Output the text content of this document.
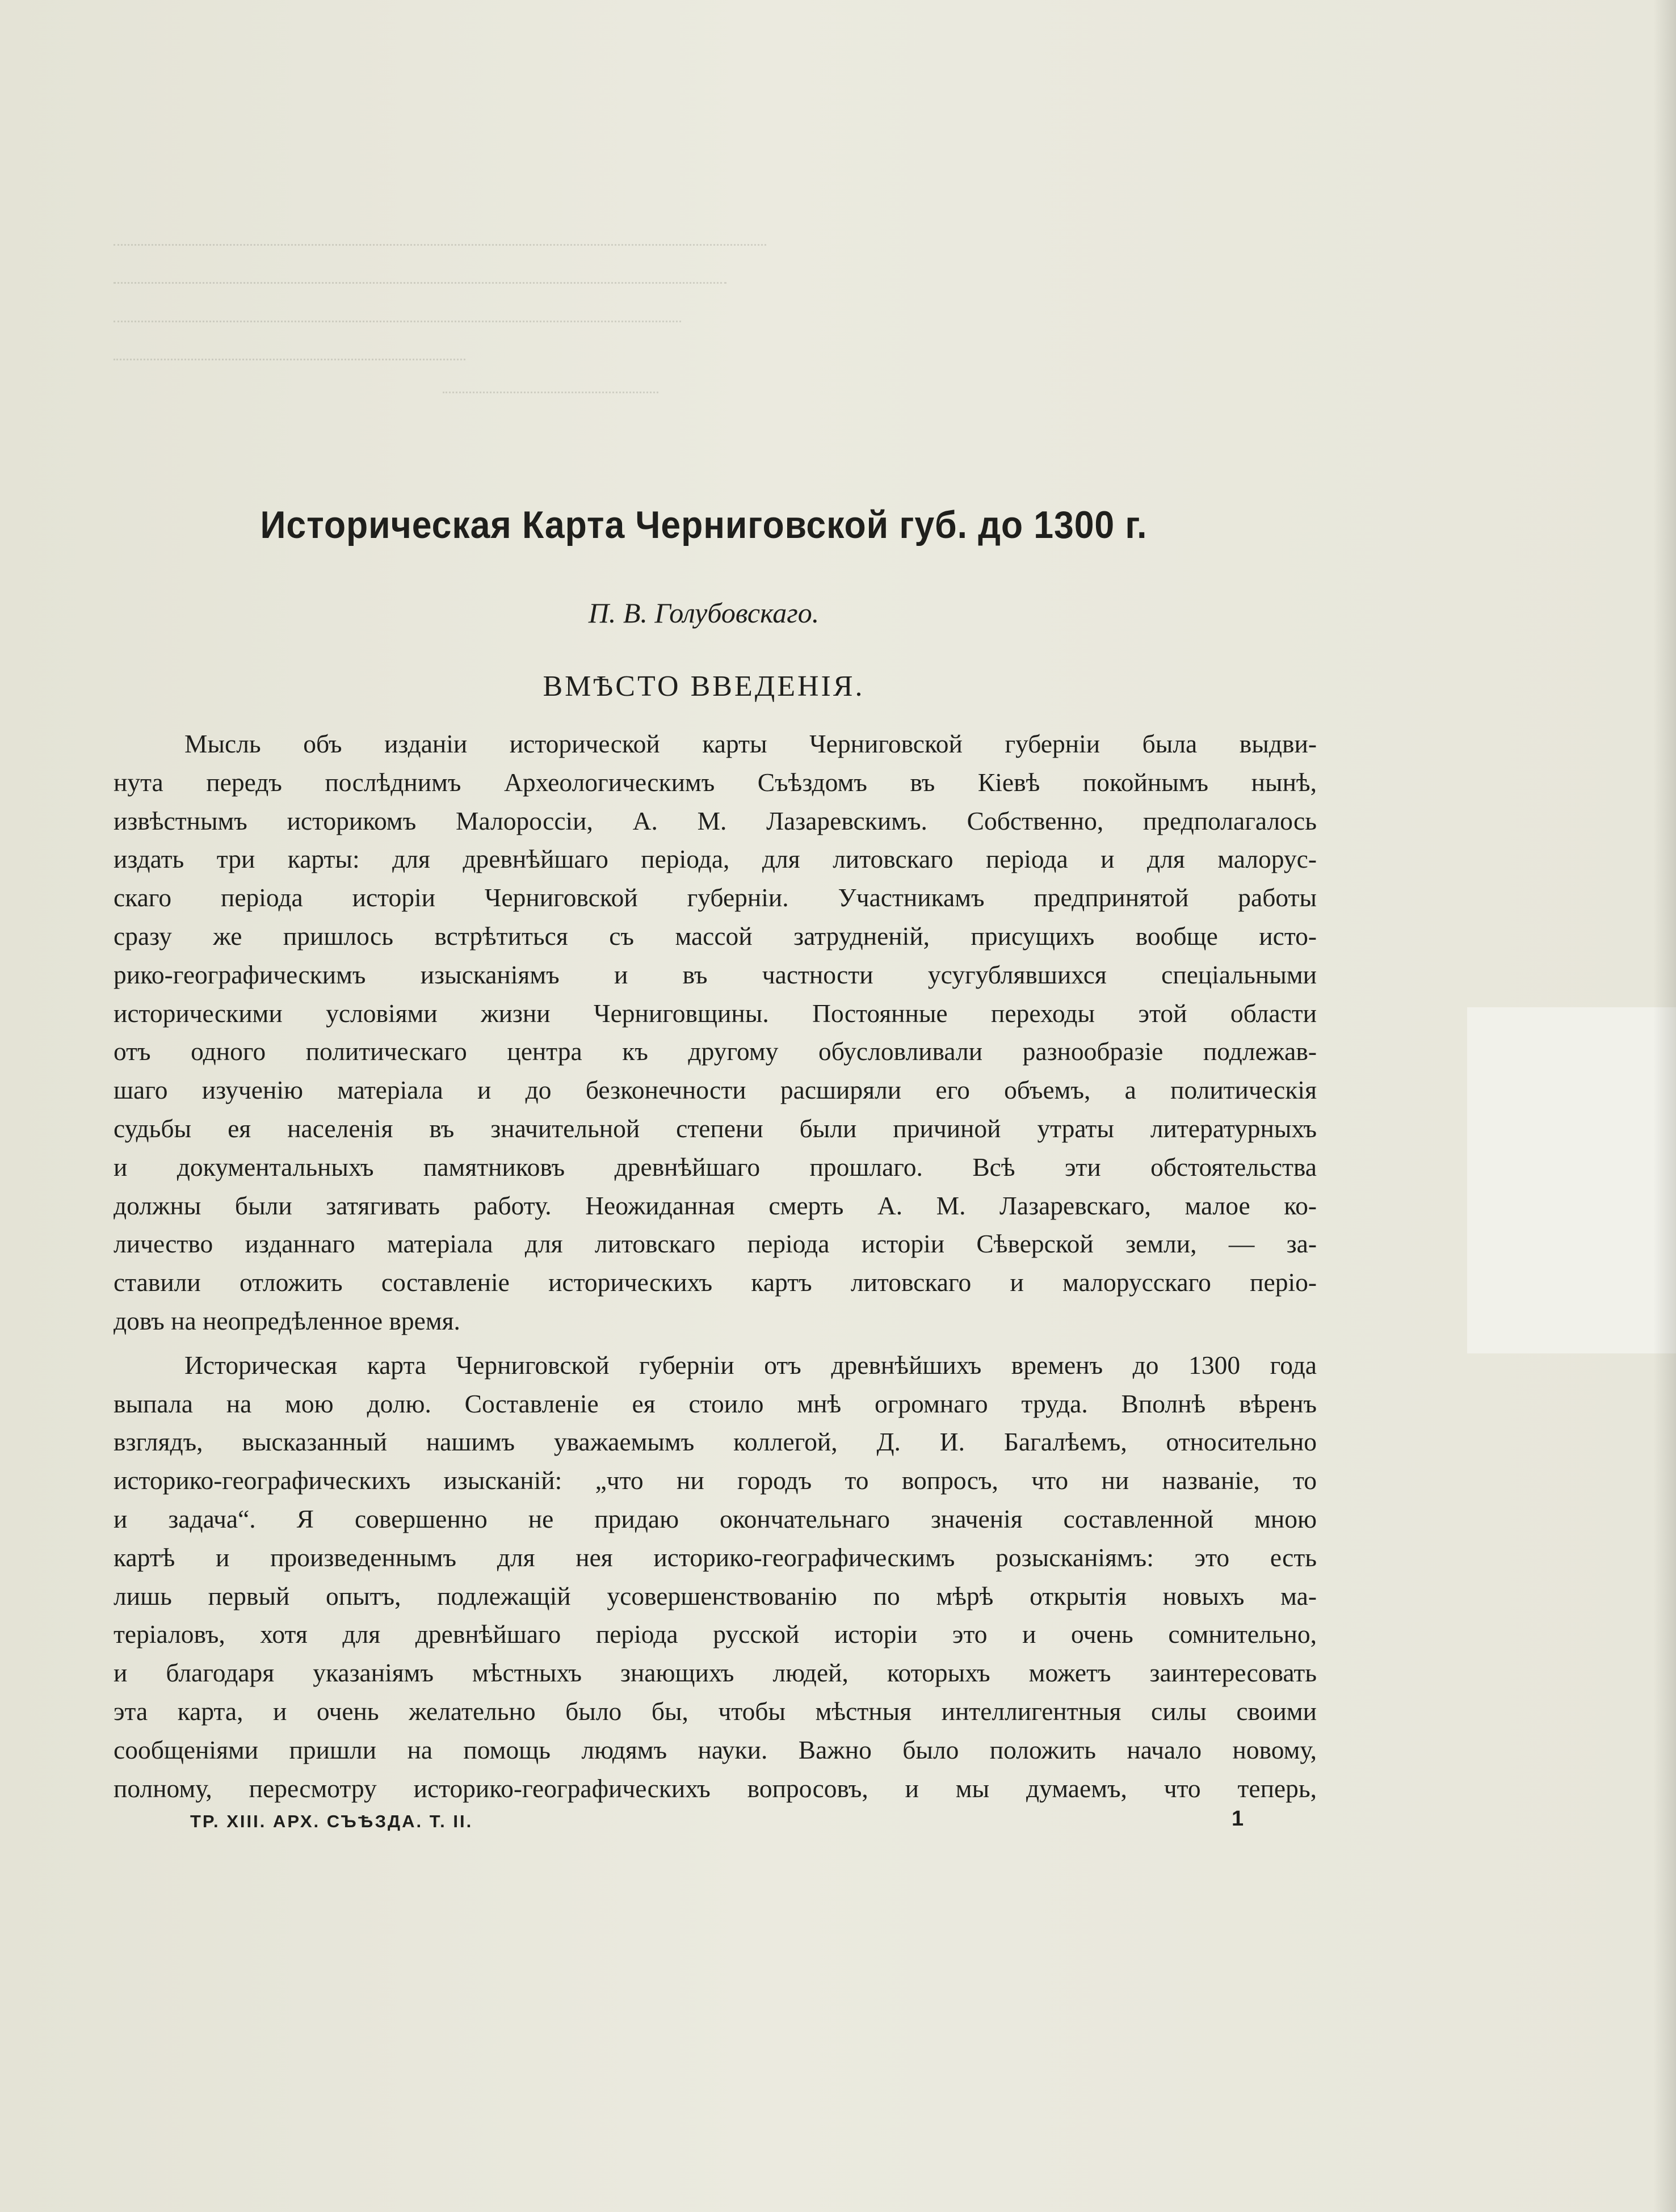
Историческая Карта Черниговской губ. до 1300 г.
П. В. Голубовскаго.
ВМѢСТО ВВЕДЕНІЯ.
Мысль объ изданіи исторической карты Черниговской губерніи была выдви-
нута передъ послѣднимъ Археологическимъ Съѣздомъ въ Кіевѣ покойнымъ нынѣ,
извѣстнымъ историкомъ Малороссіи, А. М. Лазаревскимъ. Собственно, предполагалось
издать три карты: для древнѣйшаго періода, для литовскаго періода и для малорус-
скаго періода исторіи Черниговской губерніи. Участникамъ предпринятой работы
сразу же пришлось встрѣтиться съ массой затрудненій, присущихъ вообще исто-
рико-географическимъ изысканіямъ и въ частности усугублявшихся спеціальными
историческими условіями жизни Черниговщины. Постоянные переходы этой области
отъ одного политическаго центра къ другому обусловливали разнообразіе подлежав-
шаго изученію матеріала и до безконечности расширяли его объемъ, а политическія
судьбы ея населенія въ значительной степени были причиной утраты литературныхъ
и документальныхъ памятниковъ древнѣйшаго прошлаго. Всѣ эти обстоятельства
должны были затягивать работу. Неожиданная смерть А. М. Лазаревскаго, малое ко-
личество изданнаго матеріала для литовскаго періода исторіи Сѣверской земли, — за-
ставили отложить составленіе историческихъ картъ литовскаго и малорусскаго періо-
довъ на неопредѣленное время.
Историческая карта Черниговской губерніи отъ древнѣйшихъ временъ до 1300 года
выпала на мою долю. Составленіе ея стоило мнѣ огромнаго труда. Вполнѣ вѣренъ
взглядъ, высказанный нашимъ уважаемымъ коллегой, Д. И. Багалѣемъ, относительно
историко-географическихъ изысканій: „что ни городъ то вопросъ, что ни названіе, то
и задача“. Я совершенно не придаю окончательнаго значенія составленной мною
картѣ и произведеннымъ для нея историко-географическимъ розысканіямъ: это есть
лишь первый опытъ, подлежащій усовершенствованію по мѣрѣ открытія новыхъ ма-
теріаловъ, хотя для древнѣйшаго періода русской исторіи это и очень сомнительно,
и благодаря указаніямъ мѣстныхъ знающихъ людей, которыхъ можетъ заинтересовать
эта карта, и очень желательно было бы, чтобы мѣстныя интеллигентныя силы своими
сообщеніями пришли на помощь людямъ науки. Важно было положить начало новому,
полному, пересмотру историко-географическихъ вопросовъ, и мы думаемъ, что теперь,
ТР. XIII. АРХ. СЪѢЗДА. Т. II.	1
